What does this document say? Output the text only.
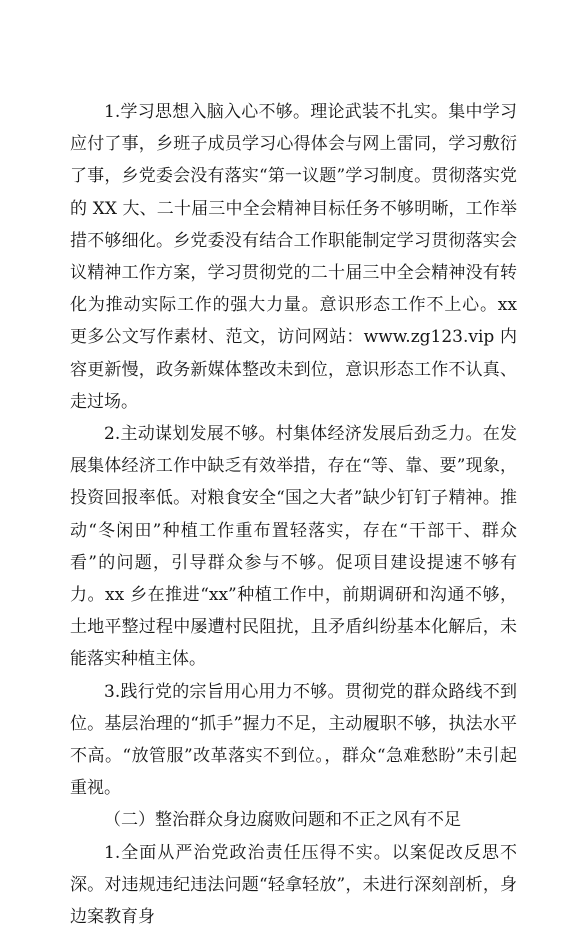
1.学习思想入脑入心不够。理论武装不扎实。集中学习应付了事，乡班子成员学习心得体会与网上雷同，学习敷衍了事，乡党委会没有落实“第一议题”学习制度。贯彻落实党的 XX 大、二十届三中全会精神目标任务不够明晰，工作举措不够细化。乡党委没有结合工作职能制定学习贯彻落实会议精神工作方案，学习贯彻党的二十届三中全会精神没有转化为推动实际工作的强大力量。意识形态工作不上心。xx 更多公文写作素材、范文，访问网站：www.zg123.vip 内容更新慢，政务新媒体整改未到位，意识形态工作不认真、走过场。

2.主动谋划发展不够。村集体经济发展后劲乏力。在发展集体经济工作中缺乏有效举措，存在“等、靠、要”现象，投资回报率低。对粮食安全“国之大者”缺少钉钉子精神。推动“冬闲田”种植工作重布置轻落实，存在“干部干、群众看”的问题，引导群众参与不够。促项目建设提速不够有力。xx 乡在推进“xx”种植工作中，前期调研和沟通不够，土地平整过程中屡遭村民阻扰，且矛盾纠纷基本化解后，未能落实种植主体。

3.践行党的宗旨用心用力不够。贯彻党的群众路线不到位。基层治理的“抓手”握力不足，主动履职不够，执法水平不高。“放管服”改革落实不到位。，群众“急难愁盼”未引起重视。

（二）整治群众身边腐败问题和不正之风有不足

1.全面从严治党政治责任压得不实。以案促改反思不深。对违规违纪违法问题“轻拿轻放”，未进行深刻剖析，身边案教育身
